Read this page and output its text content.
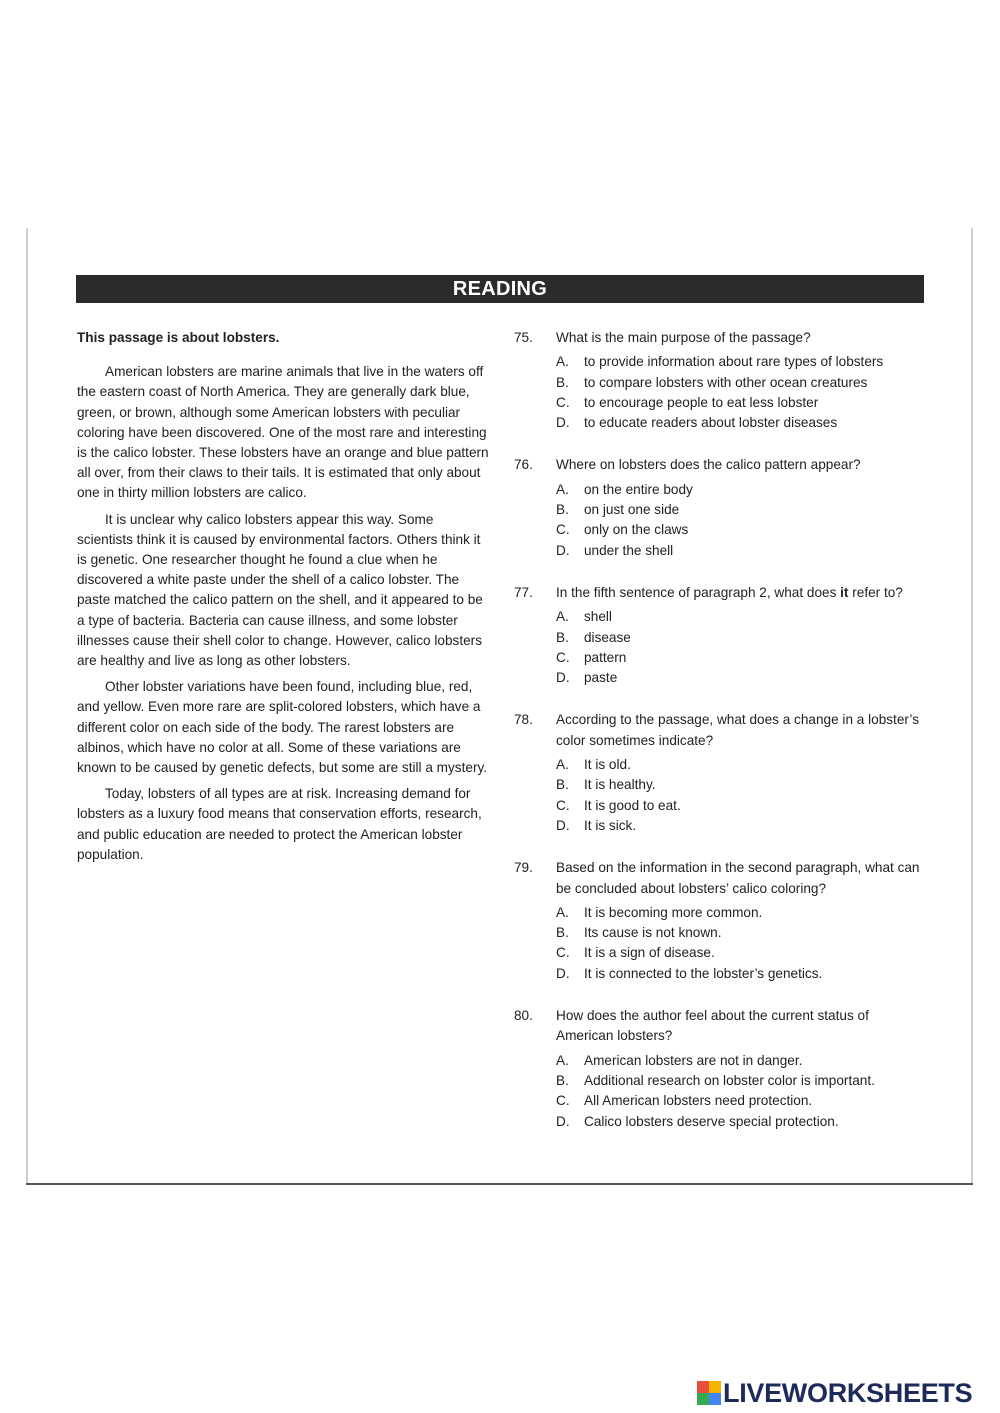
READING

This passage is about lobsters.

American lobsters are marine animals that live in the waters off the eastern coast of North America. They are generally dark blue, green, or brown, although some American lobsters with peculiar coloring have been discovered. One of the most rare and interesting is the calico lobster. These lobsters have an orange and blue pattern all over, from their claws to their tails. It is estimated that only about one in thirty million lobsters are calico.

It is unclear why calico lobsters appear this way. Some scientists think it is caused by environmental factors. Others think it is genetic. One researcher thought he found a clue when he discovered a white paste under the shell of a calico lobster. The paste matched the calico pattern on the shell, and it appeared to be a type of bacteria. Bacteria can cause illness, and some lobster illnesses cause their shell color to change. However, calico lobsters are healthy and live as long as other lobsters.

Other lobster variations have been found, including blue, red, and yellow. Even more rare are split-colored lobsters, which have a different color on each side of the body. The rarest lobsters are albinos, which have no color at all. Some of these variations are known to be caused by genetic defects, but some are still a mystery.

Today, lobsters of all types are at risk. Increasing demand for lobsters as a luxury food means that conservation efforts, research, and public education are needed to protect the American lobster population.

75.	What is the main purpose of the passage?
A.	to provide information about rare types of lobsters
B.	to compare lobsters with other ocean creatures
C.	to encourage people to eat less lobster
D.	to educate readers about lobster diseases
76.	Where on lobsters does the calico pattern appear?
A.	on the entire body
B.	on just one side
C.	only on the claws
D.	under the shell
77.	In the fifth sentence of paragraph 2, what does it refer to?
A.	shell
B.	disease
C.	pattern
D.	paste
78.	According to the passage, what does a change in a lobster’s color sometimes indicate?
A.	It is old.
B.	It is healthy.
C.	It is good to eat.
D.	It is sick.
79.	Based on the information in the second paragraph, what can be concluded about lobsters’ calico coloring?
A.	It is becoming more common.
B.	Its cause is not known.
C.	It is a sign of disease.
D.	It is connected to the lobster’s genetics.
80.	How does the author feel about the current status of American lobsters?
A.	American lobsters are not in danger.
B.	Additional research on lobster color is important.
C.	All American lobsters need protection.
D.	Calico lobsters deserve special protection.
LIVEWORKSHEETS
